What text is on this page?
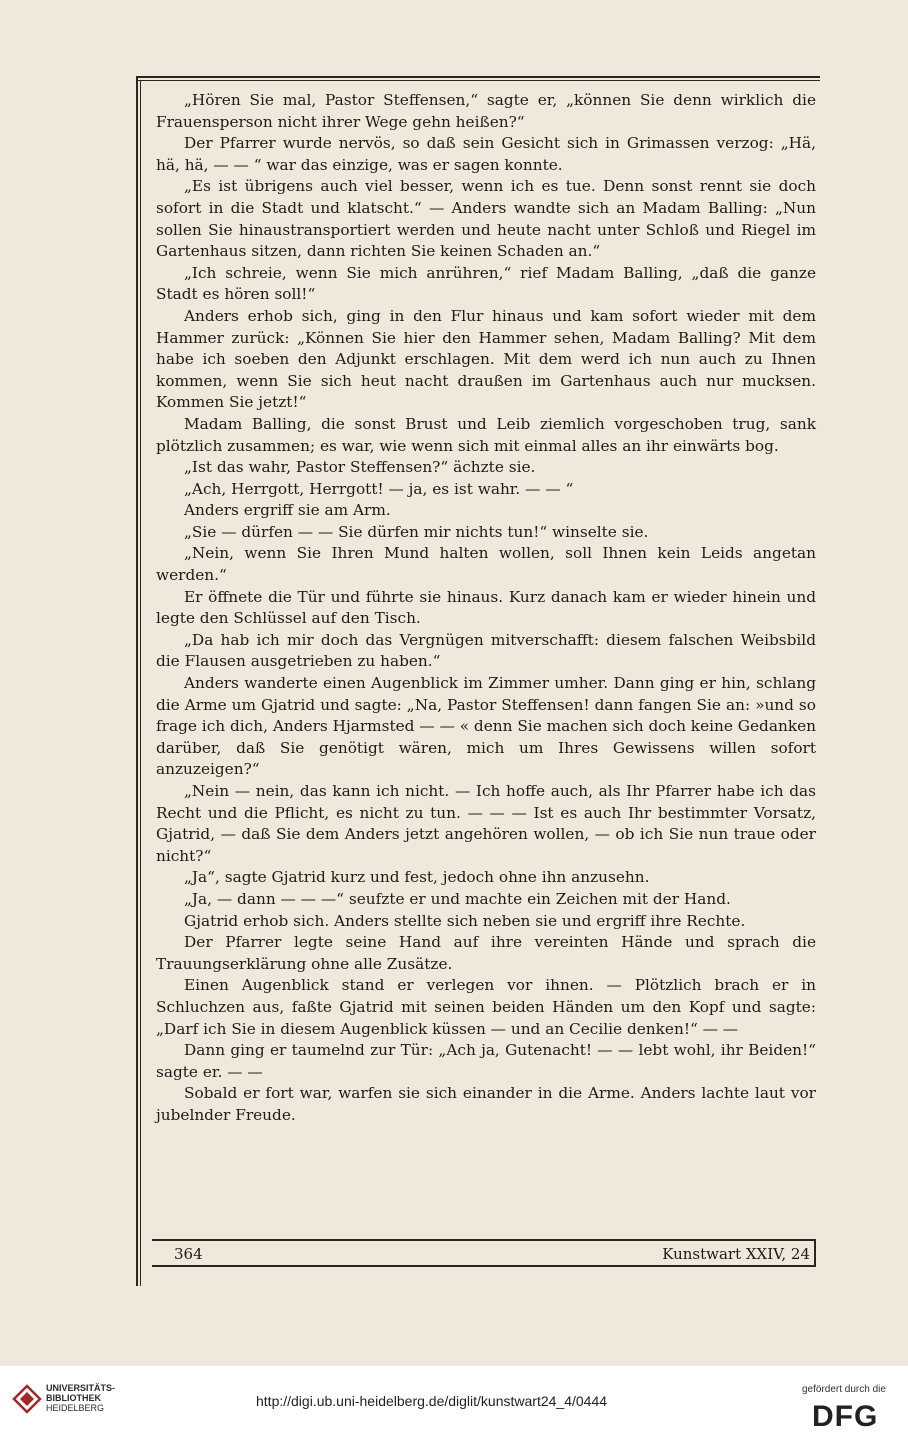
„Hören Sie mal, Pastor Steffensen,“ sagte er, „können Sie denn wirklich die Frauensperson nicht ihrer Wege gehn heißen?“

Der Pfarrer wurde nervös, so daß sein Gesicht sich in Grimassen verzog: „Hä, hä, hä, — — “ war das einzige, was er sagen konnte.

„Es ist übrigens auch viel besser, wenn ich es tue. Denn sonst rennt sie doch sofort in die Stadt und klatscht.“ — Anders wandte sich an Madam Balling: „Nun sollen Sie hinaustransportiert werden und heute nacht unter Schloß und Riegel im Gartenhaus sitzen, dann richten Sie keinen Schaden an.“

„Ich schreie, wenn Sie mich anrühren,“ rief Madam Balling, „daß die ganze Stadt es hören soll!“

Anders erhob sich, ging in den Flur hinaus und kam sofort wieder mit dem Hammer zurück: „Können Sie hier den Hammer sehen, Madam Balling? Mit dem habe ich soeben den Adjunkt erschlagen. Mit dem werd ich nun auch zu Ihnen kommen, wenn Sie sich heut nacht draußen im Gartenhaus auch nur mucksen. Kommen Sie jetzt!“

Madam Balling, die sonst Brust und Leib ziemlich vorgeschoben trug, sank plötzlich zusammen; es war, wie wenn sich mit einmal alles an ihr einwärts bog.

„Ist das wahr, Pastor Steffensen?“ ächzte sie.

„Ach, Herrgott, Herrgott! — ja, es ist wahr. — — “

Anders ergriff sie am Arm.

„Sie — dürfen — — Sie dürfen mir nichts tun!“ winselte sie.

„Nein, wenn Sie Ihren Mund halten wollen, soll Ihnen kein Leids angetan werden.“

Er öffnete die Tür und führte sie hinaus. Kurz danach kam er wieder hinein und legte den Schlüssel auf den Tisch.

„Da hab ich mir doch das Vergnügen mitverschafft: diesem falschen Weibsbild die Flausen ausgetrieben zu haben.“

Anders wanderte einen Augenblick im Zimmer umher. Dann ging er hin, schlang die Arme um Gjatrid und sagte: „Na, Pastor Steffensen! dann fangen Sie an: »und so frage ich dich, Anders Hjarmsted — — « denn Sie machen sich doch keine Gedanken darüber, daß Sie genötigt wären, mich um Ihres Gewissens willen sofort anzuzeigen?“

„Nein — nein, das kann ich nicht. — Ich hoffe auch, als Ihr Pfarrer habe ich das Recht und die Pflicht, es nicht zu tun. — — — Ist es auch Ihr bestimmter Vorsatz, Gjatrid, — daß Sie dem Anders jetzt angehören wollen, — ob ich Sie nun traue oder nicht?“

„Ja“, sagte Gjatrid kurz und fest, jedoch ohne ihn anzusehn.

„Ja, — dann — — —“ seufzte er und machte ein Zeichen mit der Hand.

Gjatrid erhob sich. Anders stellte sich neben sie und ergriff ihre Rechte.

Der Pfarrer legte seine Hand auf ihre vereinten Hände und sprach die Trauungserklärung ohne alle Zusätze.

Einen Augenblick stand er verlegen vor ihnen. — Plötzlich brach er in Schluchzen aus, faßte Gjatrid mit seinen beiden Händen um den Kopf und sagte: „Darf ich Sie in diesem Augenblick küssen — und an Cecilie denken!“ — —

Dann ging er taumelnd zur Tür: „Ach ja, Gutenacht! — — lebt wohl, ihr Beiden!“ sagte er. — —

Sobald er fort war, warfen sie sich einander in die Arme. Anders lachte laut vor jubelnder Freude.

364	Kunstwart XXIV, 24
UNIVERSITÄTS-
BIBLIOTHEK
HEIDELBERG	http://digi.ub.uni-heidelberg.de/diglit/kunstwart24_4/0444
gefördert durch die
DFG
